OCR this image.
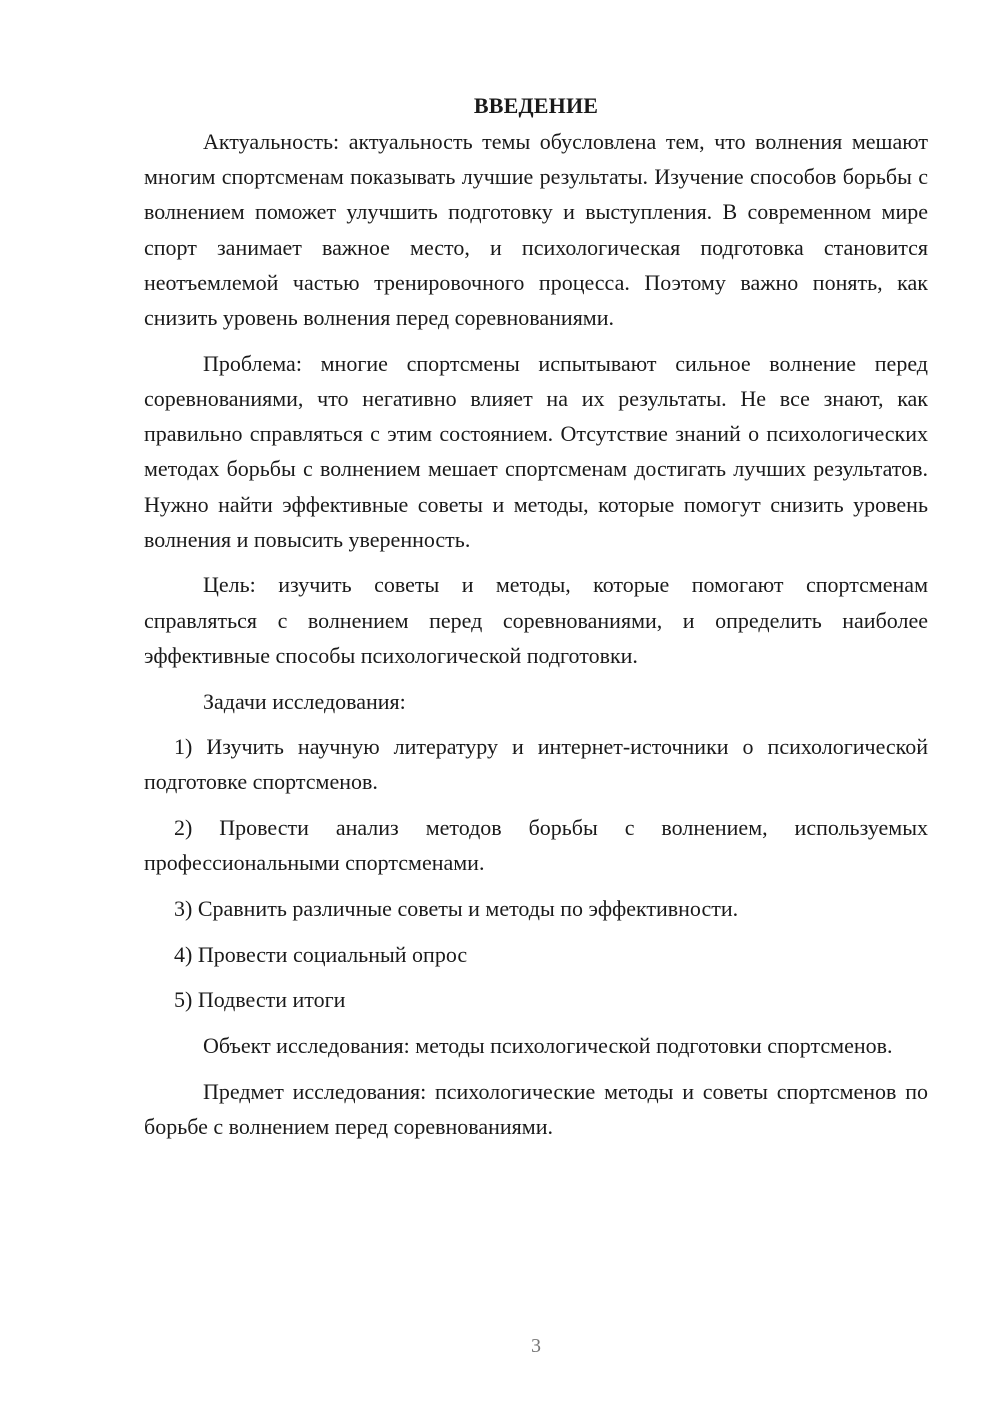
ВВЕДЕНИЕ

Актуальность: актуальность темы обусловлена тем, что волнения мешают многим спортсменам показывать лучшие результаты. Изучение способов борьбы с волнением поможет улучшить подготовку и выступления. В современном мире спорт занимает важное место, и психологическая подготовка становится неотъемлемой частью тренировочного процесса. Поэтому важно понять, как снизить уровень волнения перед соревнованиями.

Проблема: многие спортсмены испытывают сильное волнение перед соревнованиями, что негативно влияет на их результаты. Не все знают, как правильно справляться с этим состоянием. Отсутствие знаний о психологических методах борьбы с волнением мешает спортсменам достигать лучших результатов. Нужно найти эффективные советы и методы, которые помогут снизить уровень волнения и повысить уверенность.

Цель: изучить советы и методы, которые помогают спортсменам справляться с волнением перед соревнованиями, и определить наиболее эффективные способы психологической подготовки.

Задачи исследования:

1) Изучить научную литературу и интернет-источники о психологической подготовке спортсменов.

2) Провести анализ методов борьбы с волнением, используемых профессиональными спортсменами.

3) Сравнить различные советы и методы по эффективности.

4) Провести социальный опрос

5) Подвести итоги

Объект исследования: методы психологической подготовки спортсменов.

Предмет исследования: психологические методы и советы спортсменов по борьбе с волнением перед соревнованиями.

3
